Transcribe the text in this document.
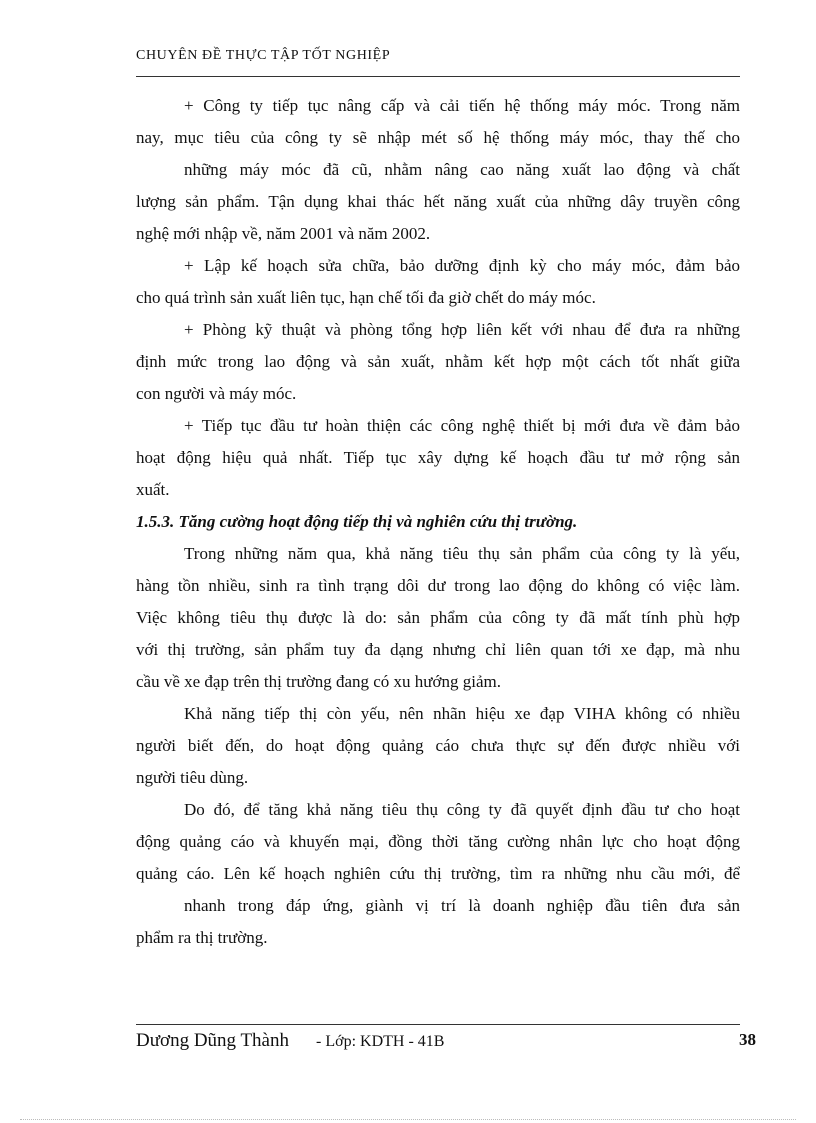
CHUYÊN ĐỀ THỰC TẬP TỐT NGHIỆP
+ Công ty tiếp tục nâng cấp và cải tiến hệ thống máy móc. Trong năm
nay, mục tiêu của công ty sẽ nhập mét số hệ thống máy móc, thay thế cho
những máy móc đã cũ, nhằm nâng cao năng xuất lao động và chất
lượng sản phẩm. Tận dụng khai thác hết năng xuất của những dây truyền công
nghệ mới nhập về, năm 2001 và năm 2002.
+ Lập kế hoạch sửa chữa, bảo dưỡng định kỳ cho máy móc, đảm bảo
cho quá trình sản xuất liên tục, hạn chế tối đa giờ chết do máy móc.
+ Phòng kỹ thuật và phòng tổng hợp liên kết với nhau để đưa ra những
định mức trong lao động và sản xuất, nhằm kết hợp một cách tốt nhất giữa
con người và máy móc.
+ Tiếp tục đầu tư hoàn thiện các công nghệ thiết bị mới đưa về đảm bảo
hoạt động hiệu quả nhất. Tiếp tục xây dựng kế hoạch đầu tư mở rộng sản
xuất.
1.5.3. Tăng cường hoạt động tiếp thị và nghiên cứu thị trường.
Trong những năm qua, khả năng tiêu thụ sản phẩm của công ty là yếu,
hàng tồn nhiều, sinh ra tình trạng dôi dư trong lao động do không có việc làm.
Việc không tiêu thụ được là do: sản phẩm của công ty đã mất tính phù hợp
với thị trường, sản phẩm tuy đa dạng nhưng chỉ liên quan tới xe đạp, mà nhu
cầu về xe đạp trên thị trường đang có xu hướng giảm.
Khả năng tiếp thị còn yếu, nên nhãn hiệu xe đạp VIHA không có nhiều
người biết đến, do hoạt động quảng cáo chưa thực sự đến được nhiều với
người tiêu dùng.
Do đó, để tăng khả năng tiêu thụ công ty đã quyết định đầu tư cho hoạt
động quảng cáo và khuyến mại, đồng thời tăng cường nhân lực cho hoạt động
quảng cáo. Lên kế hoạch nghiên cứu thị trường, tìm ra những nhu cầu mới, để
nhanh trong đáp ứng, giành vị trí là doanh nghiệp đầu tiên đưa sản
phẩm ra thị trường.
Dương Dũng Thành - Lớp: KDTH - 41B	38
